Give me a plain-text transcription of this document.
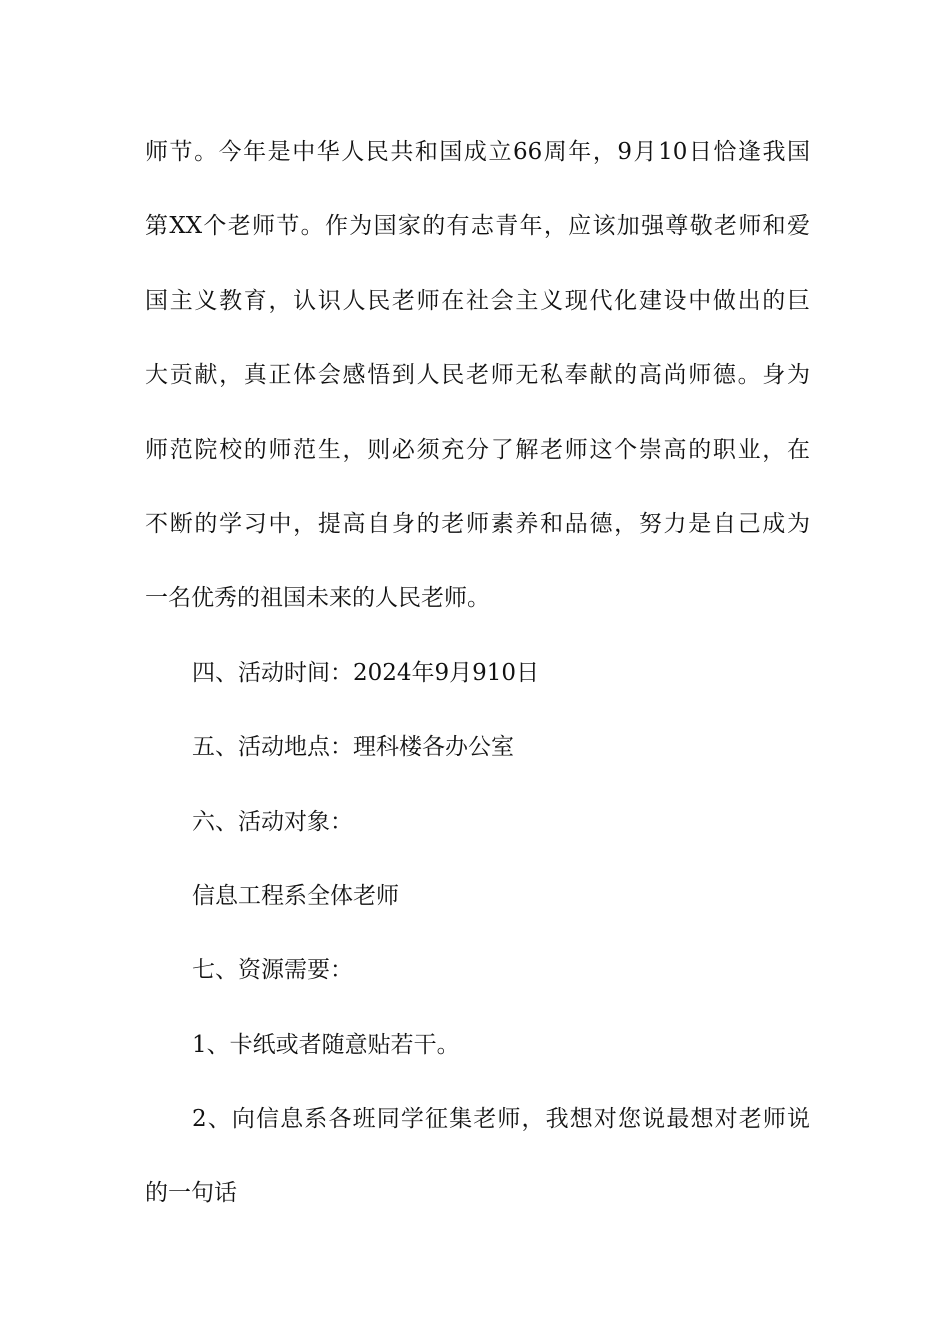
师节。今年是中华人民共和国成立66周年，9月10日恰逢我国
第XX个老师节。作为国家的有志青年，应该加强尊敬老师和爱
国主义教育，认识人民老师在社会主义现代化建设中做出的巨
大贡献，真正体会感悟到人民老师无私奉献的高尚师德。身为
师范院校的师范生，则必须充分了解老师这个崇高的职业，在
不断的学习中，提高自身的老师素养和品德，努力是自己成为
一名优秀的祖国未来的人民老师。
四、活动时间：2024年9月910日
五、活动地点：理科楼各办公室
六、活动对象：
信息工程系全体老师
七、资源需要：
1、卡纸或者随意贴若干。
2、向信息系各班同学征集老师，我想对您说最想对老师说
的一句话
